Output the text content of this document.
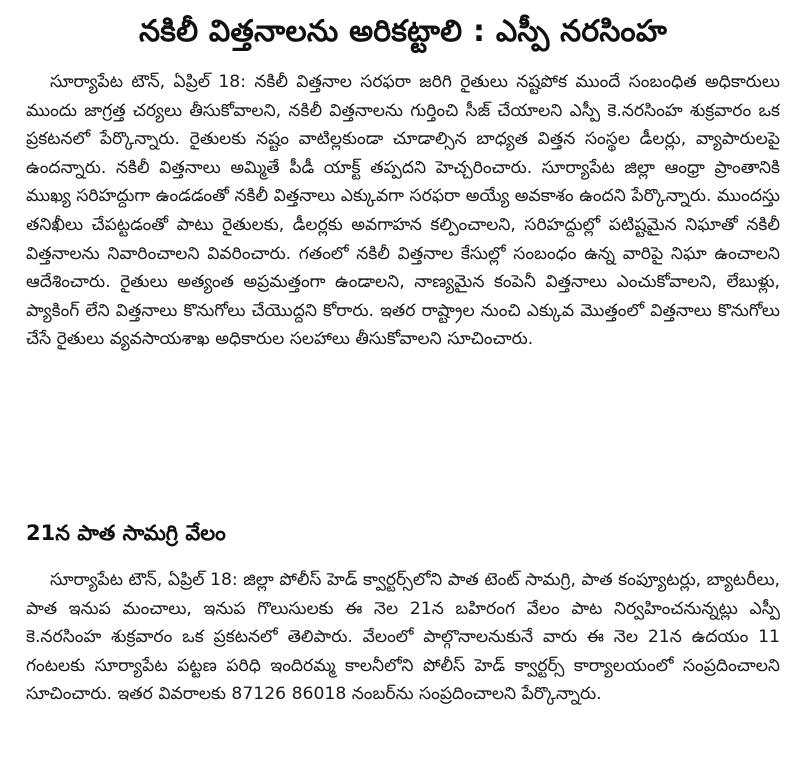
నకిలీ విత్తనాలను అరికట్టాలి : ఎస్పీ నరసింహ

సూర్యాపేట టౌన్, ఏప్రిల్ 18: నకిలీ విత్తనాల సరఫరా జరిగి రైతులు నష్టపోక ముందే సంబంధిత అధికారులు ముందు జాగ్రత్త చర్యలు తీసుకోవాలని, నకిలీ విత్తనాలను గుర్తించి సీజ్ చేయాలని ఎస్పీ కె.నరసింహ శుక్రవారం ఒక ప్రకటనలో పేర్కొన్నారు. రైతులకు నష్టం వాటిల్లకుండా చూడాల్సిన బాధ్యత విత్తన సంస్థల డీలర్లు, వ్యాపారులపై ఉందన్నారు. నకిలీ విత్తనాలు అమ్మితే పీడీ యాక్ట్ తప్పదని హెచ్చరించారు. సూర్యాపేట జిల్లా ఆంధ్రా ప్రాంతానికి ముఖ్య సరిహద్దుగా ఉండడంతో నకిలీ విత్తనాలు ఎక్కువగా సరఫరా అయ్యే అవకాశం ఉందని పేర్కొన్నారు. ముందస్తు తనిఖీలు చేపట్టడంతో పాటు రైతులకు, డీలర్లకు అవగాహన కల్పించాలని, సరిహద్దుల్లో పటిష్టమైన నిఘాతో నకిలీ విత్తనాలను నివారించాలని వివరించారు. గతంలో నకిలీ విత్తనాల కేసుల్లో సంబంధం ఉన్న వారిపై నిఘా ఉంచాలని ఆదేశించారు. రైతులు అత్యంత అప్రమత్తంగా ఉండాలని, నాణ్యమైన కంపెనీ విత్తనాలు ఎంచుకోవాలని, లేబుళ్లు, ప్యాకింగ్ లేని విత్తనాలు కొనుగోలు చేయొద్దని కోరారు. ఇతర రాష్ట్రాల నుంచి ఎక్కువ మొత్తంలో విత్తనాలు కొనుగోలు చేసే రైతులు వ్యవసాయశాఖ అధికారుల సలహాలు తీసుకోవాలని సూచించారు.

21న పాత సామగ్రి వేలం

సూర్యాపేట టౌన్, ఏప్రిల్ 18: జిల్లా పోలీస్ హెడ్ క్వార్టర్స్‌లోని పాత టెంట్ సామగ్రి, పాత కంప్యూటర్లు, బ్యాటరీలు, పాత ఇనుప మంచాలు, ఇనుప గొలుసులకు ఈ నెల 21న బహిరంగ వేలం పాట నిర్వహించనున్నట్లు ఎస్పీ కె.నరసింహ శుక్రవారం ఒక ప్రకటనలో తెలిపారు. వేలంలో పాల్గొనాలనుకునే వారు ఈ నెల 21న ఉదయం 11 గంటలకు సూర్యాపేట పట్టణ పరిధి ఇందిరమ్మ కాలనీలోని పోలీస్ హెడ్ క్వార్టర్స్ కార్యాలయంలో సంప్రదించాలని సూచించారు. ఇతర వివరాలకు 87126 86018 నంబర్‌ను సంప్రదించాలని పేర్కొన్నారు.
